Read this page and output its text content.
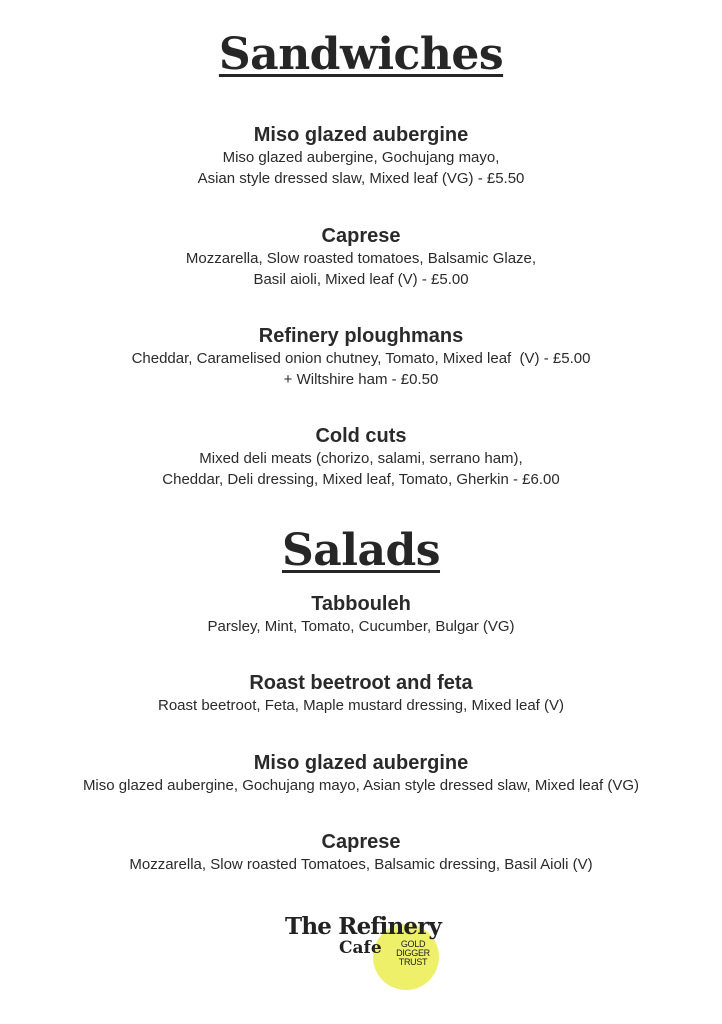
Sandwiches
Miso glazed aubergine
Miso glazed aubergine, Gochujang mayo,
Asian style dressed slaw, Mixed leaf (VG) - £5.50
Caprese
Mozzarella, Slow roasted tomatoes, Balsamic Glaze,
Basil aioli, Mixed leaf (V) - £5.00
Refinery ploughmans
Cheddar, Caramelised onion chutney, Tomato, Mixed leaf  (V) - £5.00
+ Wiltshire ham - £0.50
Cold cuts
Mixed deli meats (chorizo, salami, serrano ham),
Cheddar, Deli dressing, Mixed leaf, Tomato, Gherkin - £6.00
Salads
Tabbouleh
Parsley, Mint, Tomato, Cucumber, Bulgar (VG)
Roast beetroot and feta
Roast beetroot, Feta, Maple mustard dressing, Mixed leaf (V)
Miso glazed aubergine
Miso glazed aubergine, Gochujang mayo, Asian style dressed slaw, Mixed leaf (VG)
Caprese
Mozzarella, Slow roasted Tomatoes, Balsamic dressing, Basil Aioli (V)
The Refinery
Cafe	GOLD
DIGGER
TRUST
